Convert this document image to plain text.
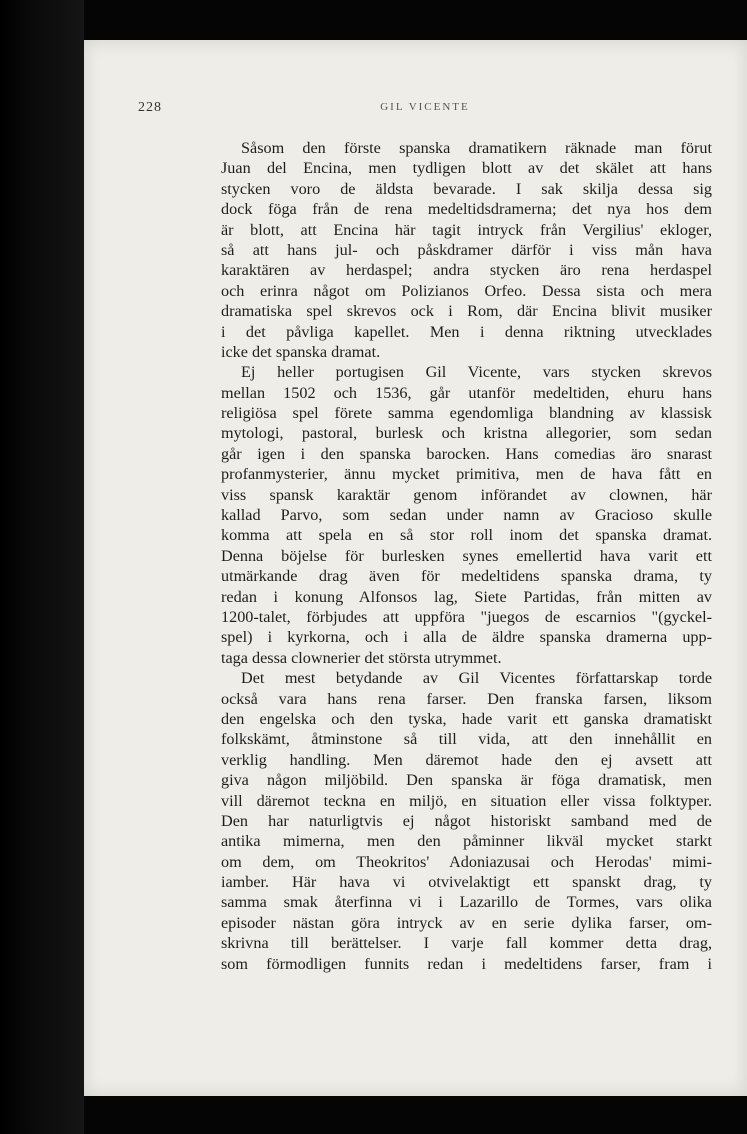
228	GIL VICENTE
Såsom den förste spanska dramatikern räknade man förut
Juan del Encina, men tydligen blott av det skälet att hans
stycken voro de äldsta bevarade. I sak skilja dessa sig
dock föga från de rena medeltidsdramerna; det nya hos dem
är blott, att Encina här tagit intryck från Vergilius' ekloger,
så att hans jul- och påskdramer därför i viss mån hava
karaktären av herdaspel; andra stycken äro rena herdaspel
och erinra något om Polizianos Orfeo. Dessa sista och mera
dramatiska spel skrevos ock i Rom, där Encina blivit musiker
i det påvliga kapellet. Men i denna riktning utvecklades
icke det spanska dramat.
Ej heller portugisen Gil Vicente, vars stycken skrevos
mellan 1502 och 1536, går utanför medeltiden, ehuru hans
religiösa spel förete samma egendomliga blandning av klassisk
mytologi, pastoral, burlesk och kristna allegorier, som sedan
går igen i den spanska barocken. Hans comedias äro snarast
profanmysterier, ännu mycket primitiva, men de hava fått en
viss spansk karaktär genom införandet av clownen, här
kallad Parvo, som sedan under namn av Gracioso skulle
komma att spela en så stor roll inom det spanska dramat.
Denna böjelse för burlesken synes emellertid hava varit ett
utmärkande drag även för medeltidens spanska drama, ty
redan i konung Alfonsos lag, Siete Partidas, från mitten av
1200-talet, förbjudes att uppföra "juegos de escarnios "(gyckel-
spel) i kyrkorna, och i alla de äldre spanska dramerna upp-
taga dessa clownerier det största utrymmet.
Det mest betydande av Gil Vicentes författarskap torde
också vara hans rena farser. Den franska farsen, liksom
den engelska och den tyska, hade varit ett ganska dramatiskt
folkskämt, åtminstone så till vida, att den innehållit en
verklig handling. Men däremot hade den ej avsett att
giva någon miljöbild. Den spanska är föga dramatisk, men
vill däremot teckna en miljö, en situation eller vissa folktyper.
Den har naturligtvis ej något historiskt samband med de
antika mimerna, men den påminner likväl mycket starkt
om dem, om Theokritos' Adoniazusai och Herodas' mimi-
iamber. Här hava vi otvivelaktigt ett spanskt drag, ty
samma smak återfinna vi i Lazarillo de Tormes, vars olika
episoder nästan göra intryck av en serie dylika farser, om-
skrivna till berättelser. I varje fall kommer detta drag,
som förmodligen funnits redan i medeltidens farser, fram i
